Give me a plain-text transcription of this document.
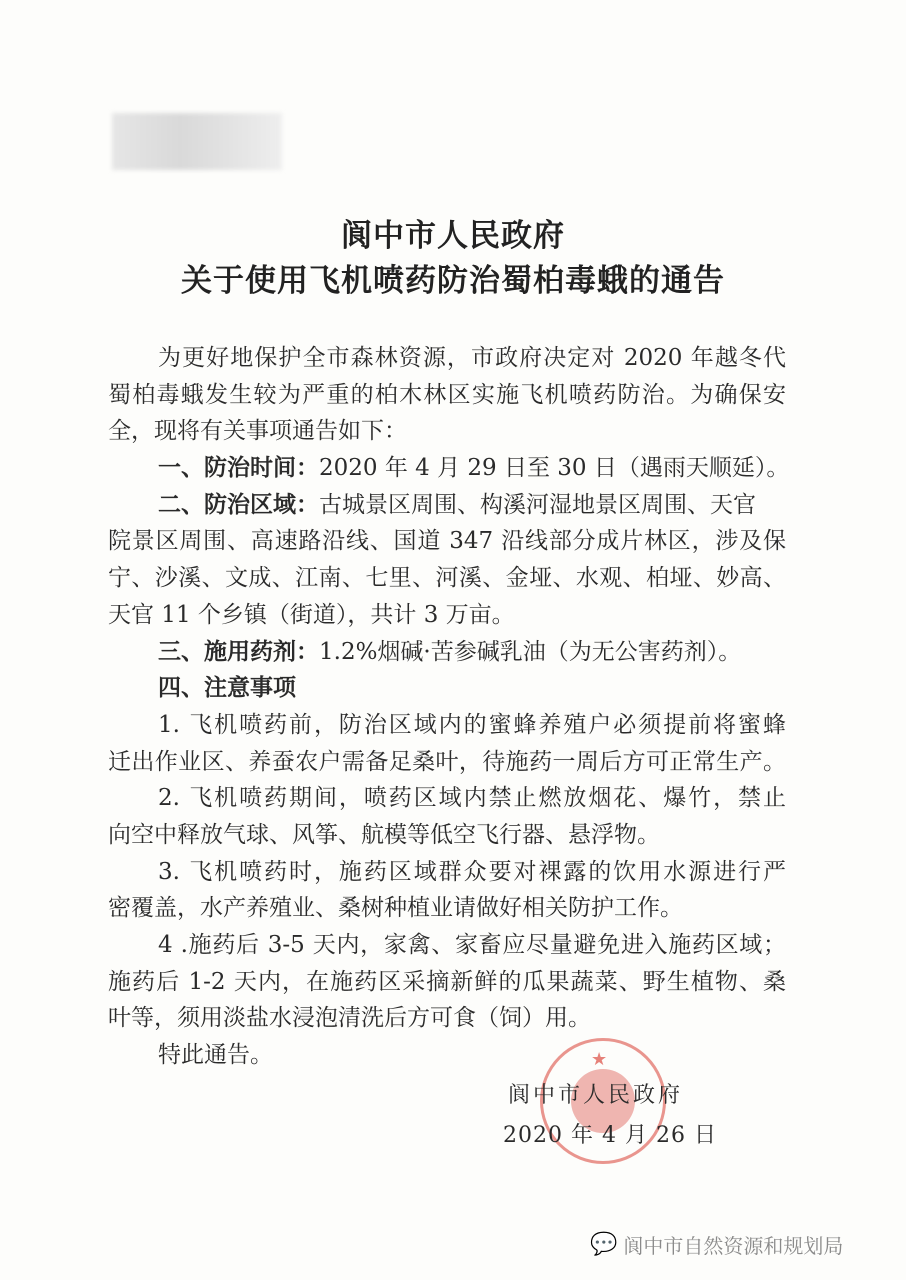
阆中市人民政府
关于使用飞机喷药防治蜀柏毒蛾的通告
为更好地保护全市森林资源，市政府决定对 2020 年越冬代
蜀柏毒蛾发生较为严重的柏木林区实施飞机喷药防治。为确保安
全，现将有关事项通告如下：
一、防治时间：2020 年 4 月 29 日至 30 日（遇雨天顺延）。
二、防治区域：古城景区周围、构溪河湿地景区周围、天官
院景区周围、高速路沿线、国道 347 沿线部分成片林区，涉及保
宁、沙溪、文成、江南、七里、河溪、金垭、水观、柏垭、妙高、
天官 11 个乡镇（街道），共计 3 万亩。
三、施用药剂：1.2%烟碱·苦参碱乳油（为无公害药剂）。
四、注意事项
1. 飞机喷药前，防治区域内的蜜蜂养殖户必须提前将蜜蜂
迁出作业区、养蚕农户需备足桑叶，待施药一周后方可正常生产。
2. 飞机喷药期间，喷药区域内禁止燃放烟花、爆竹，禁止
向空中释放气球、风筝、航模等低空飞行器、悬浮物。
3. 飞机喷药时，施药区域群众要对裸露的饮用水源进行严
密覆盖，水产养殖业、桑树种植业请做好相关防护工作。
4 .施药后 3-5 天内，家禽、家畜应尽量避免进入施药区域；
施药后 1-2 天内，在施药区采摘新鲜的瓜果蔬菜、野生植物、桑
叶等，须用淡盐水浸泡清洗后方可食（饲）用。
特此通告。	★
阆中市人民政府
2020 年 4 月 26 日
💬 阆中市自然资源和规划局
